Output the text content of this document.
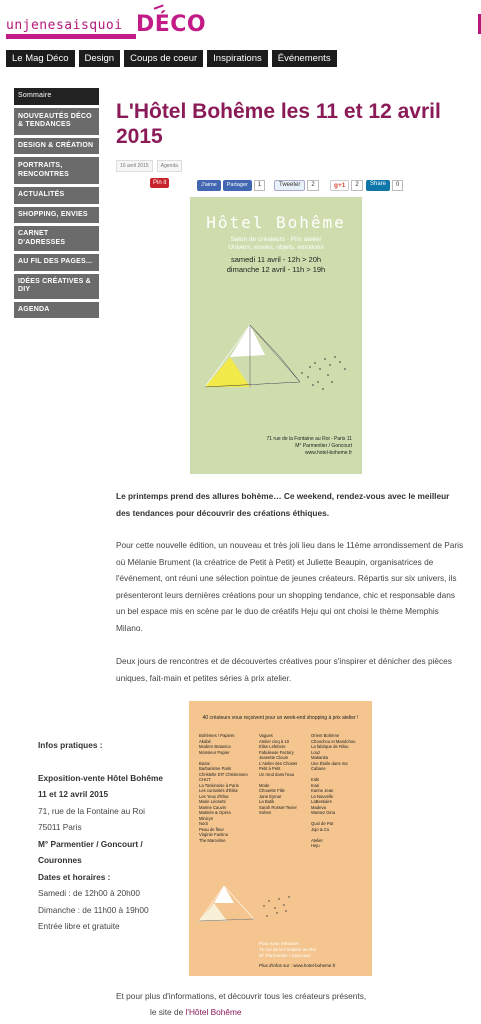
unjenesaisquoi DÉCO
Le Mag Déco	Design	Coups de coeur	Inspirations	Événements
Sommaire
NOUVEAUTÉS DÉCO & TENDANCES
DESIGN & CRÉATION
PORTRAITS, RENCONTRES
ACTUALITÉS
SHOPPING, ENVIES
CARNET D'ADRESSES
AU FIL DES PAGES...
IDÉES CRÉATIVES & DIY
AGENDA
L'Hôtel Bohême les 11 et 12 avril 2015
10 avril 2015	Agenda
Pin it	J'aime	Partager	1	Tweeter	2	g+1	2	Share	0
Hôtel Bohême
Salon de créateurs · Prix atelier
Univers, envies, objets, émotions
samedi 11 avril - 12h > 20h
dimanche 12 avril - 11h > 19h
71 rue de la Fontaine au Roi - Paris 11
M° Parmentier / Goncourt
www.hotel-boheme.fr

Le printemps prend des allures bohème… Ce weekend, rendez-vous avec le meilleur des tendances pour découvrir des créations éthiques.

Pour cette nouvelle édition, un nouveau et très joli lieu dans le 11ème arrondissement de Paris où Mélanie Brument (la créatrice de Petit à Petit) et Juliette Beaupin, organisatrices de l'événement, ont réuni une sélection pointue de jeunes créateurs. Répartis sur six univers, ils présenteront leurs dernières créations pour un shopping tendance, chic et responsable dans un bel espace mis en scène par le duo de créatifs Heju qui ont choisi le thème Memphis Milano.

Deux jours de rencontres et de découvertes créatives pour s'inspirer et dénicher des pièces uniques, fait-main et petites séries à prix atelier.

Infos pratiques :
Exposition-vente Hôtel Bohême
11 et 12 avril 2015
71, rue de la Fontaine au Roi
75011 Paris
M° Parmentier / Goncourt / Couronnes
Dates et horaires :
Samedi : de 12h00 à 20h00
Dimanche : de 11h00 à 19h00
Entrée libre et gratuite
40 créateurs vous reçoivent pour un week-end shopping à prix atelier !
Bohèmes / Papiers
Akabé
Modern Botanica
Monsieur Papier

Bazar
Barbarisme Paris
Christelle DIT Christensen
CHUT
La Tonkinoise à Paris
Les curiosités d'Elise
Les Yeux d'Elsa
Marie Léonetti
Marine Cauvin
Matinée & Opéra
Minicyn
Noot
Peau de fleur
Virginie Fantino
The Marceline
Vagues
Atelier cinq à 10
Elise Lefebvre
Fabuleuse Factory
Jeanette Clouin
L'Atelier des Choses
Petit à Petit
Un rond dans l'eau

Mode
Chouette Fille
Jane Eymar
La Batik
Sarah Rosset-Texier
Sohen
Orient Bohème
Chouchou et Mandchou
La fabrique de Rilou
Louz
Makanka
Une Étoile dans ma
Cabane

Kids
Inari
Karine Jean
La Nouvelle
LaBestiaire
Madeva
Wantez Gina

Quoi de Pat
Jojo & Co

Atelier
Heju
Pour nous retrouver :
71 rue de la Fontaine au Roi
M° Parmentier / Goncourt
Plus d'infos sur : www.hotel-boheme.fr

Et pour plus d'informations, et découvrir tous les créateurs présents,

le site de l'Hôtel Bohême
